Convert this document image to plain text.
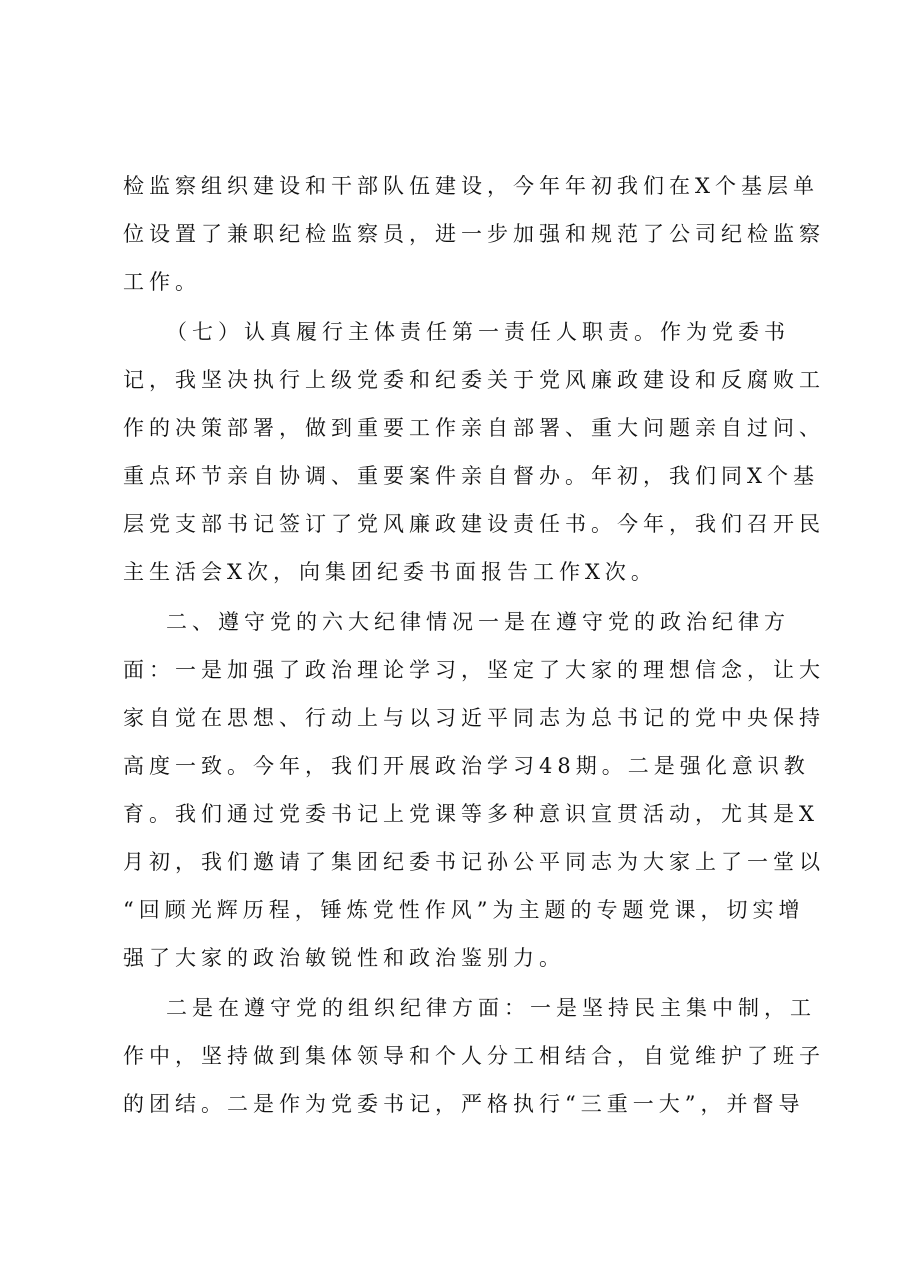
检监察组织建设和干部队伍建设，今年年初我们在X个基层单
位设置了兼职纪检监察员，进一步加强和规范了公司纪检监察
工作。
（七）认真履行主体责任第一责任人职责。作为党委书
记，我坚决执行上级党委和纪委关于党风廉政建设和反腐败工
作的决策部署，做到重要工作亲自部署、重大问题亲自过问、
重点环节亲自协调、重要案件亲自督办。年初，我们同X个基
层党支部书记签订了党风廉政建设责任书。今年，我们召开民
主生活会X次，向集团纪委书面报告工作X次。
二、遵守党的六大纪律情况一是在遵守党的政治纪律方
面：一是加强了政治理论学习，坚定了大家的理想信念，让大
家自觉在思想、行动上与以习近平同志为总书记的党中央保持
高度一致。今年，我们开展政治学习48期。二是强化意识教
育。我们通过党委书记上党课等多种意识宣贯活动，尤其是X
月初，我们邀请了集团纪委书记孙公平同志为大家上了一堂以
“回顾光辉历程，锤炼党性作风”为主题的专题党课，切实增
强了大家的政治敏锐性和政治鉴别力。
二是在遵守党的组织纪律方面：一是坚持民主集中制，工
作中，坚持做到集体领导和个人分工相结合，自觉维护了班子
的团结。二是作为党委书记，严格执行“三重一大”，并督导
